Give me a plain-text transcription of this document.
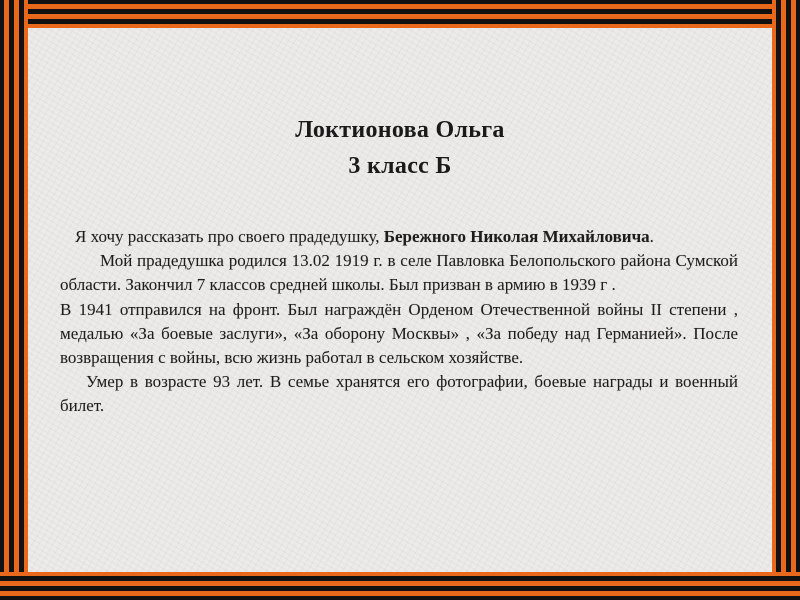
Локтионова Ольга
3 класс Б

Я хочу рассказать про своего прадедушку, Бережного Николая Михайловича.

Мой прадедушка родился 13.02 1919 г. в селе Павловка Белопольского района Сумской области. Закончил 7 классов средней школы. Был призван в армию в 1939 г .

В 1941 отправился на фронт. Был награждён Орденом Отечественной войны II степени , медалью «За боевые заслуги», «За оборону Москвы» , «За победу над Германией». После возвращения с войны, всю жизнь работал в сельском хозяйстве.

Умер в возрасте 93 лет. В семье хранятся его фотографии, боевые награды и военный билет.
